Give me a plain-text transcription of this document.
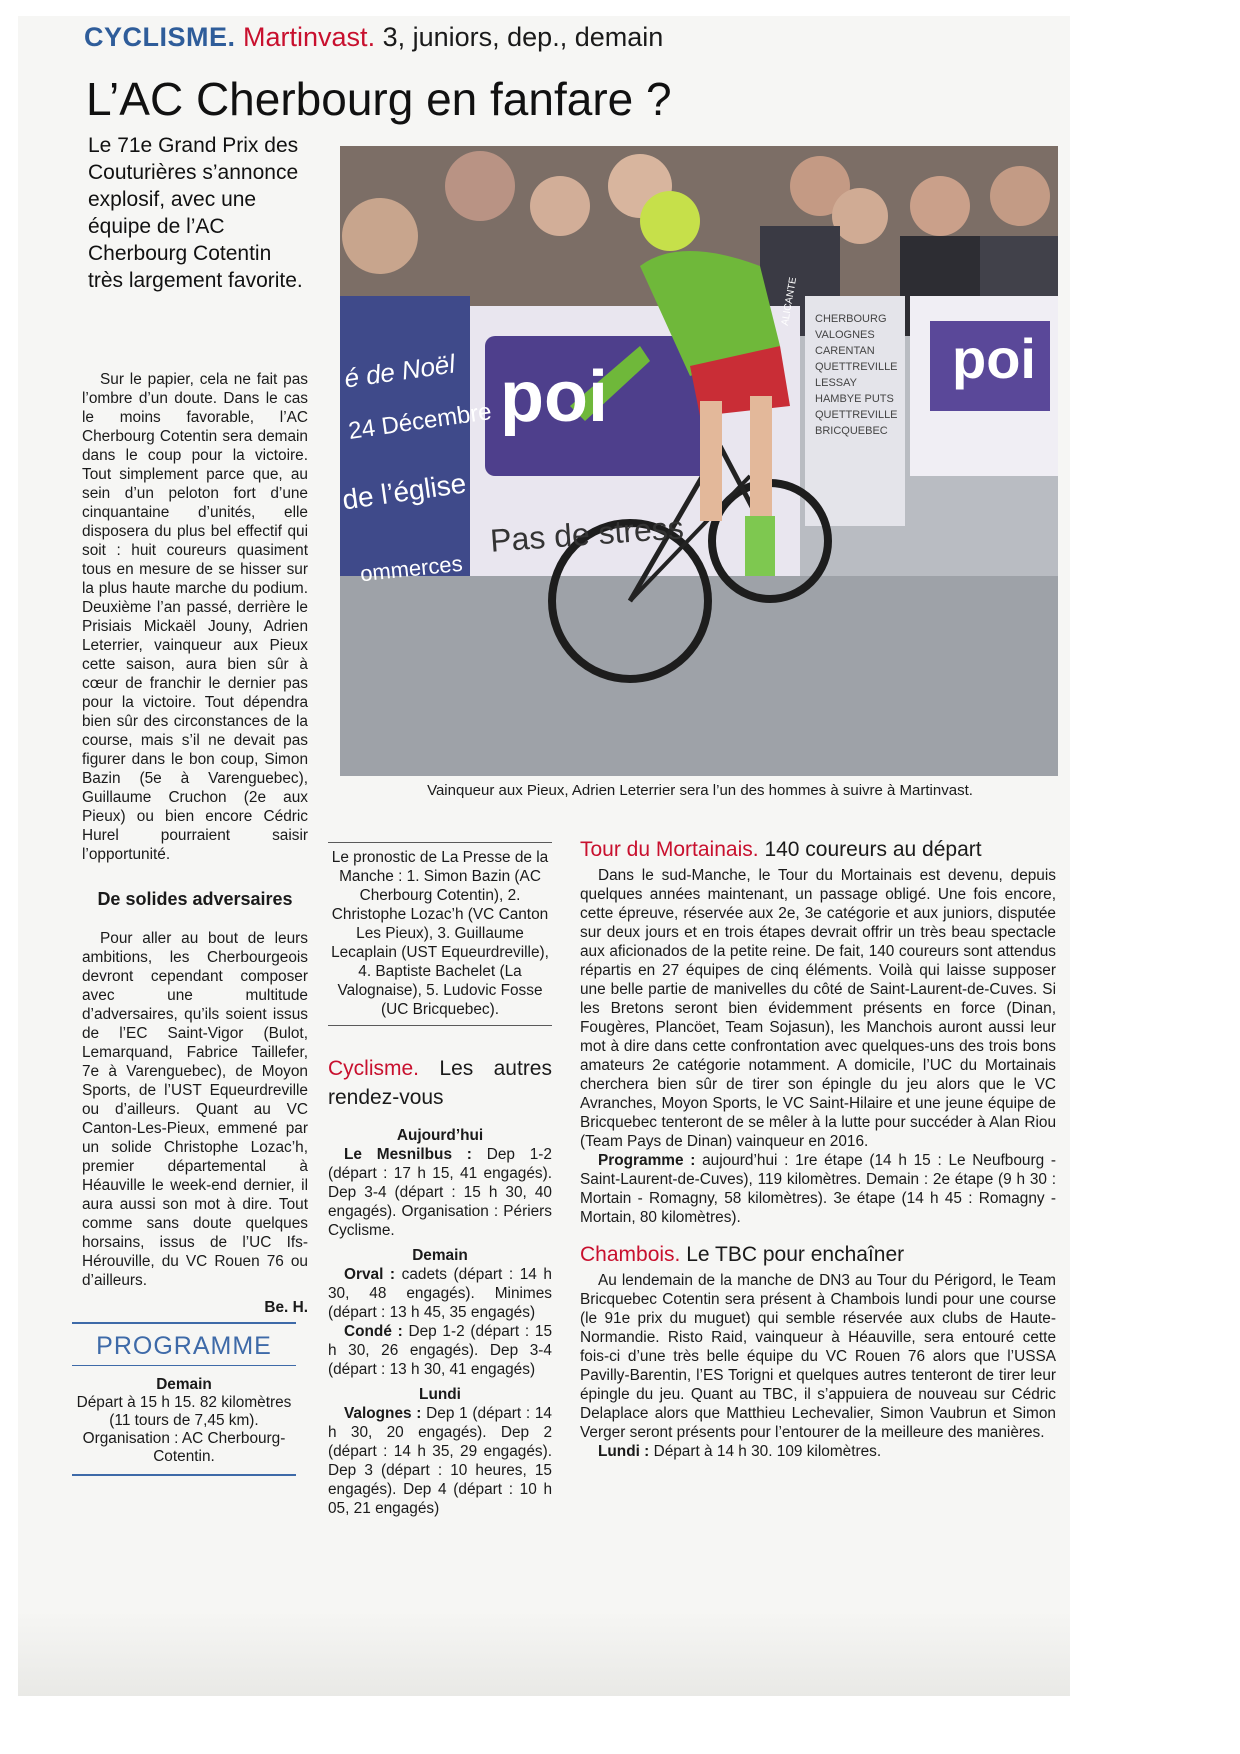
CYCLISME. Martinvast. 3, juniors, dep., demain
L’AC Cherbourg en fanfare ?
Le 71e Grand Prix des Couturières s’annonce explosif, avec une équipe de l’AC Cherbourg Cotentin très largement favorite.
é de Noël
24 Décembre
de l’église
ommerces
poi
Pas de stress
CHERBOURG
VALOGNES
CARENTAN
QUETTREVILLE
LESSAY
HAMBYE PUTS
QUETTREVILLE
BRICQUEBEC
poi
ALICANTE
Vainqueur aux Pieux, Adrien Leterrier sera l’un des hommes à suivre à Martinvast.

Sur le papier, cela ne fait pas l’ombre d’un doute. Dans le cas le moins favorable, l’AC Cherbourg Cotentin sera demain dans le coup pour la victoire. Tout simplement parce que, au sein d’un peloton fort d’une cinquantaine d’unités, elle disposera du plus bel effectif qui soit : huit coureurs quasiment tous en mesure de se hisser sur la plus haute marche du podium. Deuxième l’an passé, derrière le Prisiais Mickaël Jouny, Adrien Leterrier, vainqueur aux Pieux cette saison, aura bien sûr à cœur de franchir le dernier pas pour la victoire. Tout dépendra bien sûr des circonstances de la course, mais s’il ne devait pas figurer dans le bon coup, Simon Bazin (5e à Varenguebec), Guillaume Cruchon (2e aux Pieux) ou bien encore Cédric Hurel pourraient saisir l’opportunité.

De solides adversaires

Pour aller au bout de leurs ambitions, les Cherbourgeois devront cependant composer avec une multitude d’adversaires, qu’ils soient issus de l’EC Saint-Vigor (Bulot, Lemarquand, Fabrice Taillefer, 7e à Varenguebec), de Moyon Sports, de l’UST Equeurdreville ou d’ailleurs. Quant au VC Canton-Les-Pieux, emmené par un solide Christophe Lozac’h, premier départemental à Héauville le week-end dernier, il aura aussi son mot à dire. Tout comme sans doute quelques horsains, issus de l’UC Ifs-Hérouville, du VC Rouen 76 ou d’ailleurs.

Be. H.
PROGRAMME
Demain
Départ à 15 h 15. 82 kilomètres (11 tours de 7,45 km). Organisation : AC Cherbourg-Cotentin.
Le pronostic de La Presse de la Manche : 1. Simon Bazin (AC Cherbourg Cotentin), 2. Christophe Lozac’h (VC Canton Les Pieux), 3. Guillaume Lecaplain (UST Equeurdreville), 4. Baptiste Bachelet (La Valognaise), 5. Ludovic Fosse (UC Bricquebec).
Cyclisme. Les autres rendez-vous
Aujourd’hui
Le Mesnilbus : Dep 1-2 (départ : 17 h 15, 41 engagés). Dep 3-4 (départ : 15 h 30, 40 engagés). Organisation : Périers Cyclisme.
Demain
Orval : cadets (départ : 14 h 30, 48 engagés). Minimes (départ : 13 h 45, 35 engagés)
Condé : Dep 1-2 (départ : 15 h 30, 26 engagés). Dep 3-4 (départ : 13 h 30, 41 engagés)
Lundi
Valognes : Dep 1 (départ : 14 h 30, 20 engagés). Dep 2 (départ : 14 h 35, 29 engagés). Dep 3 (départ : 10 heures, 15 engagés). Dep 4 (départ : 10 h 05, 21 engagés)
Tour du Mortainais. 140 coureurs au départ

Dans le sud-Manche, le Tour du Mortainais est devenu, depuis quelques années maintenant, un passage obligé. Une fois encore, cette épreuve, réservée aux 2e, 3e catégorie et aux juniors, disputée sur deux jours et en trois étapes devrait offrir un très beau spectacle aux aficionados de la petite reine. De fait, 140 coureurs sont attendus répartis en 27 équipes de cinq éléments. Voilà qui laisse supposer une belle partie de manivelles du côté de Saint-Laurent-de-Cuves. Si les Bretons seront bien évidemment présents en force (Dinan, Fougères, Plancöet, Team Sojasun), les Manchois auront aussi leur mot à dire dans cette confrontation avec quelques-uns des trois bons amateurs 2e catégorie notamment. A domicile, l’UC du Mortainais cherchera bien sûr de tirer son épingle du jeu alors que le VC Avranches, Moyon Sports, le VC Saint-Hilaire et une jeune équipe de Bricquebec tenteront de se mêler à la lutte pour succéder à Alan Riou (Team Pays de Dinan) vainqueur en 2016.

Programme : aujourd’hui : 1re étape (14 h 15 : Le Neufbourg - Saint-Laurent-de-Cuves), 119 kilomètres. Demain : 2e étape (9 h 30 : Mortain - Romagny, 58 kilomètres). 3e étape (14 h 45 : Romagny - Mortain, 80 kilomètres).

Chambois. Le TBC pour enchaîner

Au lendemain de la manche de DN3 au Tour du Périgord, le Team Bricquebec Cotentin sera présent à Chambois lundi pour une course (le 91e prix du muguet) qui semble réservée aux clubs de Haute-Normandie. Risto Raid, vainqueur à Héauville, sera entouré cette fois-ci d’une très belle équipe du VC Rouen 76 alors que l’USSA Pavilly-Barentin, l’ES Torigni et quelques autres tenteront de tirer leur épingle du jeu. Quant au TBC, il s’appuiera de nouveau sur Cédric Delaplace alors que Matthieu Lechevalier, Simon Vaubrun et Simon Verger seront présents pour l’entourer de la meilleure des manières.

Lundi : Départ à 14 h 30. 109 kilomètres.
